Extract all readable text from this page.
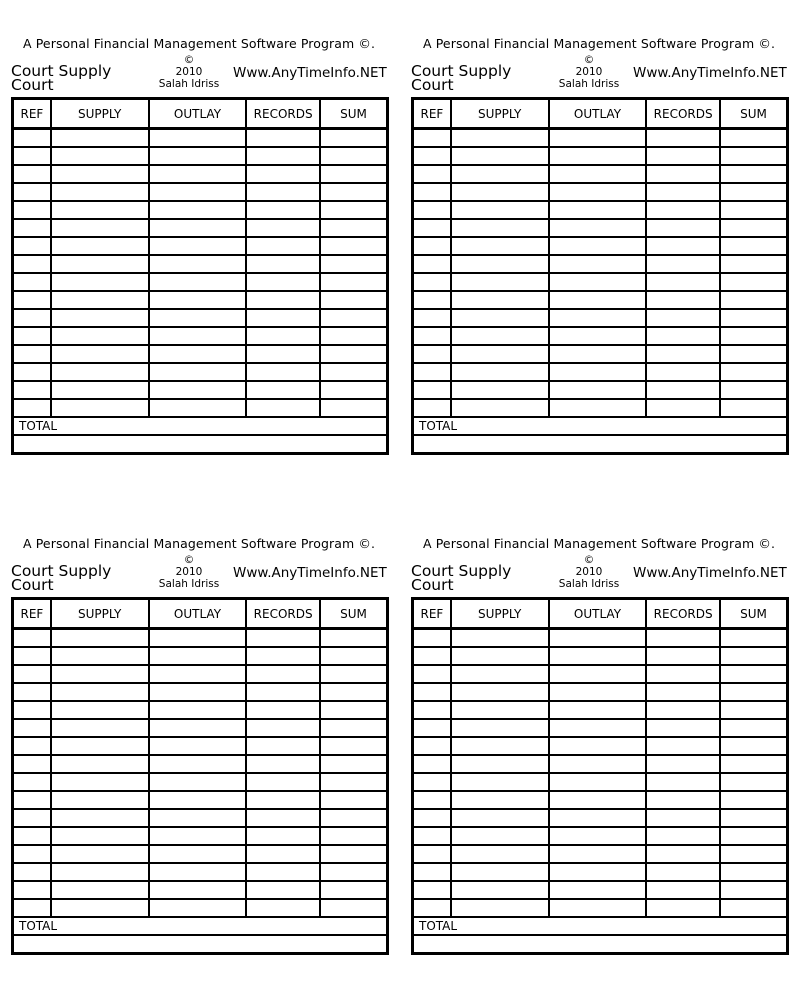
A Personal Financial Management Software Program ©.
Court Supply
Court
©
2010
Salah Idriss
Www.AnyTimeInfo.NET
REF	SUPPLY	OUTLAY	RECORDS	SUM

TOTAL				

A Personal Financial Management Software Program ©.
Court Supply
Court
©
2010
Salah Idriss
Www.AnyTimeInfo.NET
REF	SUPPLY	OUTLAY	RECORDS	SUM

TOTAL				

A Personal Financial Management Software Program ©.
Court Supply
Court
©
2010
Salah Idriss
Www.AnyTimeInfo.NET
REF	SUPPLY	OUTLAY	RECORDS	SUM

TOTAL				

A Personal Financial Management Software Program ©.
Court Supply
Court
©
2010
Salah Idriss
Www.AnyTimeInfo.NET
REF	SUPPLY	OUTLAY	RECORDS	SUM

TOTAL				
